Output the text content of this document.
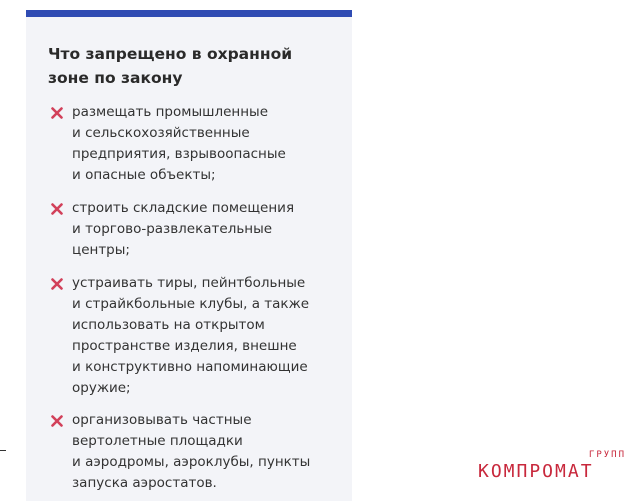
Что запрещено в охранной
зоне по закону

размещать промышленные
и сельскохозяйственные
предприятия, взрывоопасные
и опасные объекты;

строить складские помещения
и торгово-развлекательные
центры;

устраивать тиры, пейнтбольные
и страйкбольные клубы, а также
использовать на открытом
пространстве изделия, внешне
и конструктивно напоминающие
оружие;

организовывать частные
вертолетные площадки
и аэродромы, аэроклубы, пункты
запуска аэростатов.

ГРУПП
КОМПРОМАТ
